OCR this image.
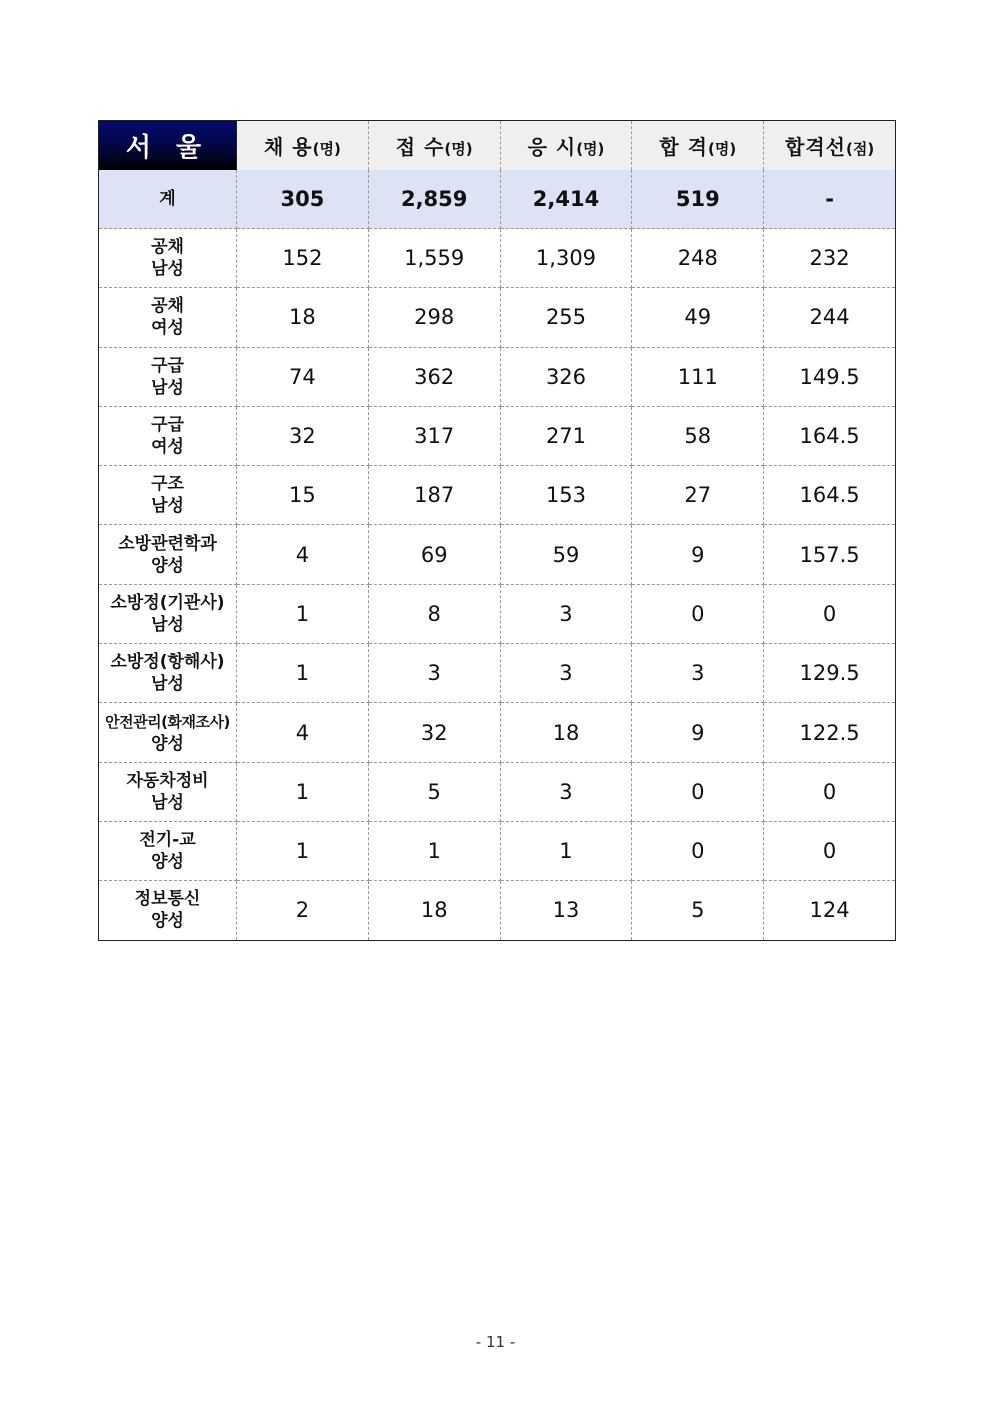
서 울	채 용(명)	접 수(명)	응 시(명)	합 격(명)	합격선(점)
계	305	2,859	2,414	519	-

공채
남성	152	1,559	1,309	248	232

공채
여성	18	298	255	49	244

구급
남성	74	362	326	111	149.5

구급
여성	32	317	271	58	164.5

구조
남성	15	187	153	27	164.5

소방관련학과
양성	4	69	59	9	157.5

소방정(기관사)
남성	1	8	3	0	0

소방정(항해사)
남성	1	3	3	3	129.5

안전관리(화재조사)
양성	4	32	18	9	122.5

자동차정비
남성	1	5	3	0	0

전기-교
양성	1	1	1	0	0

정보통신
양성	2	18	13	5	124
- 11 -
